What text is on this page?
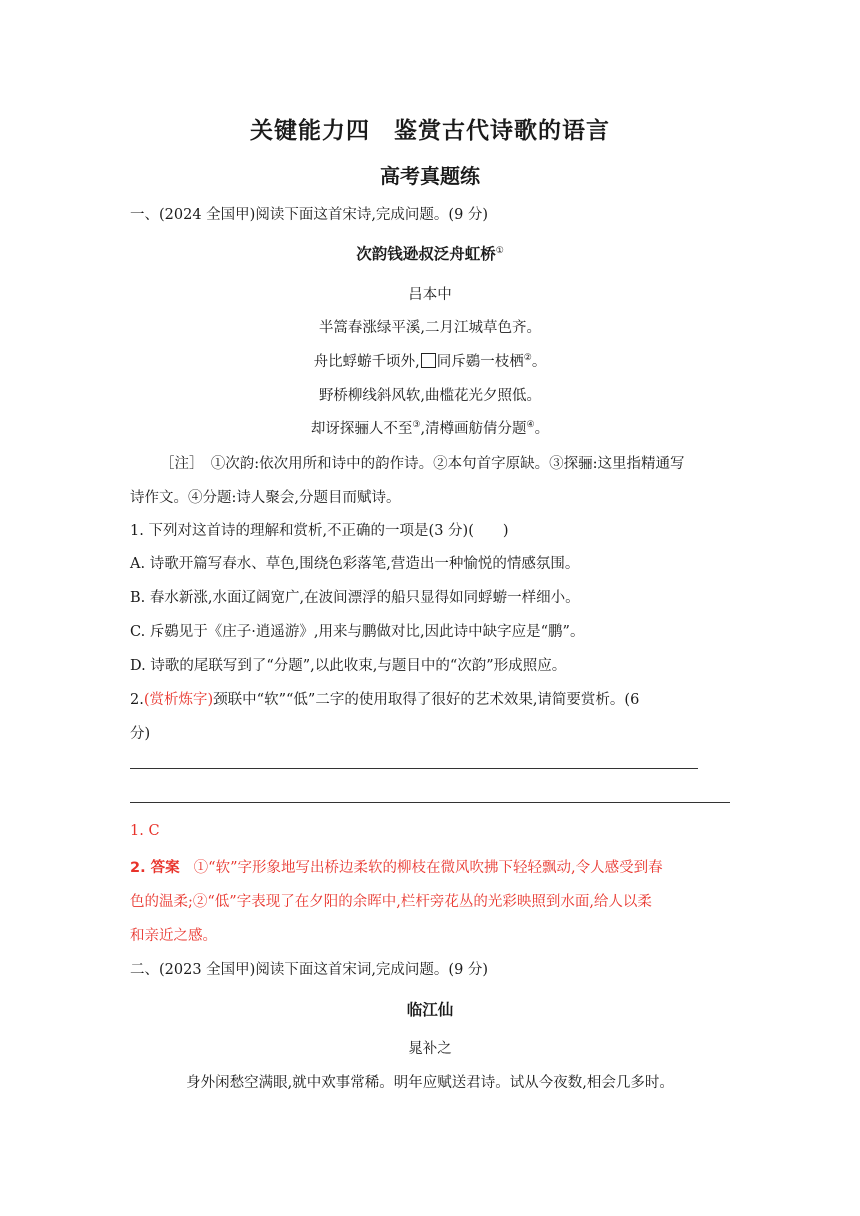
关键能力四　鉴赏古代诗歌的语言
高考真题练
一、(2024 全国甲)阅读下面这首宋诗,完成问题。(9 分)
次韵钱逊叔泛舟虹桥①
吕本中
半篙春涨绿平溪,二月江城草色齐。
舟比蜉蝣千顷外, 同斥鷃一枝栖②。
野桥柳线斜风软,曲槛花光夕照低。
却讶探骊人不至③,清樽画舫倩分题④。
［注］　①次韵:依次用所和诗中的韵作诗。②本句首字原缺。③探骊:这里指精通写
诗作文。④分题:诗人聚会,分题目而赋诗。
1. 下列对这首诗的理解和赏析,不正确的一项是(3 分)(　　)
A. 诗歌开篇写春水、草色,围绕色彩落笔,营造出一种愉悦的情感氛围。
B. 春水新涨,水面辽阔宽广,在波间漂浮的船只显得如同蜉蝣一样细小。
C. 斥鷃见于《庄子·逍遥游》,用来与鹏做对比,因此诗中缺字应是“鹏”。
D. 诗歌的尾联写到了“分题”,以此收束,与题目中的“次韵”形成照应。
2.(赏析炼字)颈联中“软”“低”二字的使用取得了很好的艺术效果,请简要赏析。(6
分)
1. C
2. 答案 ①“软”字形象地写出桥边柔软的柳枝在微风吹拂下轻轻飘动,令人感受到春
色的温柔;②“低”字表现了在夕阳的余晖中,栏杆旁花丛的光彩映照到水面,给人以柔
和亲近之感。
二、(2023 全国甲)阅读下面这首宋词,完成问题。(9 分)
临江仙
晁补之
身外闲愁空满眼,就中欢事常稀。明年应赋送君诗。试从今夜数,相会几多时。
